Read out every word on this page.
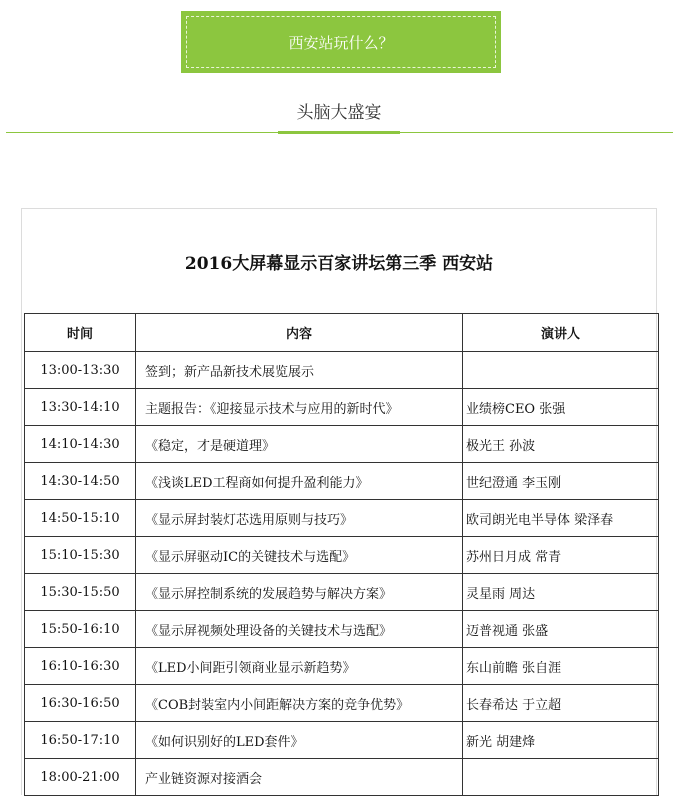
西安站玩什么？
头脑大盛宴
2016大屏幕显示百家讲坛第三季 西安站
时间	内容	演讲人
13:00-13:30	签到；新产品新技术展览展示	
13:30-14:10	主题报告：《迎接显示技术与应用的新时代》	业绩榜CEO 张强
14:10-14:30	《稳定，才是硬道理》	极光王 孙波
14:30-14:50	《浅谈LED工程商如何提升盈利能力》	世纪澄通 李玉刚
14:50-15:10	《显示屏封装灯芯选用原则与技巧》	欧司朗光电半导体 梁泽春
15:10-15:30	《显示屏驱动IC的关键技术与选配》	苏州日月成 常青
15:30-15:50	《显示屏控制系统的发展趋势与解决方案》	灵星雨 周达
15:50-16:10	《显示屏视频处理设备的关键技术与选配》	迈普视通 张盛
16:10-16:30	《LED小间距引领商业显示新趋势》	东山前瞻 张自涯
16:30-16:50	《COB封装室内小间距解决方案的竞争优势》	长春希达 于立超
16:50-17:10	《如何识别好的LED套件》	新光 胡建烽
18:00-21:00	产业链资源对接酒会	
